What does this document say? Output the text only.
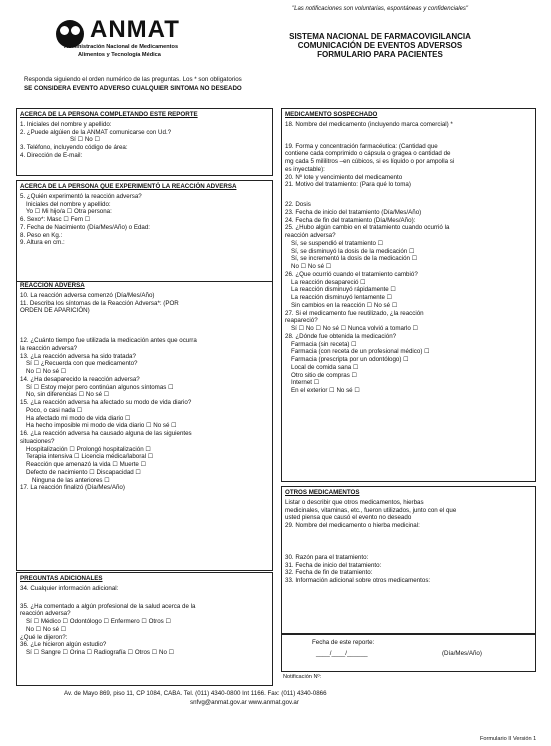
"Las notificaciones son voluntarias, espontáneas y confidenciales"
ANMAT
Administración Nacional de Medicamentos
Alimentos y Tecnología Médica
SISTEMA NACIONAL DE FARMACOVIGILANCIA
COMUNICACIÓN DE EVENTOS ADVERSOS
FORMULARIO PARA PACIENTES
Responda siguiendo el orden numérico de las preguntas. Los * son obligatorios
SE CONSIDERA EVENTO ADVERSO CUALQUIER SINTOMA NO DESEADO
ACERCA DE LA PERSONA COMPLETANDO ESTE REPORTE
1. Iniciales del nombre y apellido:
2. ¿Puede algúien de la ANMAT comunicarse con Ud.?
Sí ☐ No ☐
3. Teléfono, incluyendo código de área:
4. Dirección de E-mail:
ACERCA DE LA PERSONA QUE EXPERIMENTÓ LA REACCIÓN ADVERSA
5. ¿Quién experimentó la reacción adversa?
Iniciales del nombre y apellido:
Yo ☐ Mi hijo/a ☐ Otra persona:
6. Sexo*: Masc ☐ Fem ☐
7. Fecha de Nacimiento (Día/Mes/Año) o Edad:
8. Peso en Kg.:
9. Altura en cm.:
REACCIÓN ADVERSA
10. La reacción adversa comenzó (Día/Mes/Año)
11. Describa los síntomas de la Reacción Adversa*: (POR
ORDEN DE APARICIÓN)
12. ¿Cuánto tiempo fue utilizada la medicación antes que ocurra
la reacción adversa?
13. ¿La reacción adversa ha sido tratada?
Sí ☐ ¿Recuerda con que medicamento?
No ☐ No sé ☐
14. ¿Ha desaparecido la reacción adversa?
Sí ☐ Estoy mejor pero continúan algunos síntomas ☐
No, sin diferencias ☐ No sé ☐
15. ¿La reacción adversa ha afectado su modo de vida diario?
Poco, o casi nada ☐
Ha afectado mi modo de vida diario ☐
Ha hecho imposible mi modo de vida diario ☐ No sé ☐
16. ¿La reacción adversa ha causado alguna de las siguientes
situaciones?
Hospitalización ☐ Prolongó hospitalización ☐
Terapia intensiva ☐ Licencia médica/laboral ☐
Reacción que amenazó la vida ☐ Muerte ☐
Defecto de nacimiento ☐ Discapacidad ☐
Ninguna de las anteriores ☐
17. La reacción finalizó (Día/Mes/Año)
PREGUNTAS ADICIONALES
34. Cualquier información adicional:
35. ¿Ha comentado a algún profesional de la salud acerca de la
reacción adversa?
Sí ☐ Médico ☐ Odontólogo ☐ Enfermero ☐ Otros ☐
No ☐ No sé ☐
¿Qué le dijeron?:
36. ¿Le hicieron algún estudio?
Sí ☐ Sangre ☐ Orina ☐ Radiografía ☐ Otros ☐ No ☐
MEDICAMENTO SOSPECHADO
18. Nombre del medicamento (incluyendo marca comercial) *
19. Forma y concentración farmacéutica: (Cantidad que
contiene cada comprimido o cápsula o gragea o cantidad de
mg cada 5 mililitros –en cúbicos, si es líquido o por ampolla si
es inyectable):
20. Nº lote y vencimiento del medicamento
21. Motivo del tratamiento: (Para qué lo toma)
22. Dosis
23. Fecha de inicio del tratamiento (Día/Mes/Año)
24. Fecha de fin del tratamiento (Día/Mes/Año):
25. ¿Hubo algún cambio en el tratamiento cuando ocurrió la
reacción adversa?
Sí, se suspendió el tratamiento ☐
Sí, se disminuyó la dosis de la medicación ☐
Sí, se incrementó la dosis de la medicación ☐
No ☐ No sé ☐
26. ¿Que ocurrió cuando el tratamiento cambió?
La reacción desapareció ☐
La reacción disminuyó rápidamente ☐
La reacción disminuyó lentamente ☐
Sin cambios en la reacción ☐ No sé ☐
27. Si el medicamento fue reutilizado, ¿la reacción
reapareció?
Sí ☐ No ☐ No sé ☐ Nunca volvió a tomarlo ☐
28. ¿Dónde fue obtenida la medicación?
Farmacia (sin receta) ☐
Farmacia (con receta de un profesional médico) ☐
Farmacia (prescripta por un odontólogo) ☐
Local de comida sana ☐
Otro sitio de compras ☐
Internet ☐
En el exterior ☐ No sé ☐
OTROS MEDICAMENTOS
Listar o describir que otros medicamentos, hierbas
medicinales, vitaminas, etc., fueron utilizados, junto con el que
usted piensa que causó el evento no deseado
29. Nombre del medicamento o hierba medicinal:
30. Razón para el tratamiento:
31. Fecha de inicio del tratamiento:
32. Fecha de fin de tratamiento:
33. Información adicional sobre otros medicamentos:
Fecha de este reporte:
____/____/______	(Día/Mes/Año)
Notificación Nº:
Av. de Mayo 869, piso 11, CP 1084, CABA. Tel. (011) 4340-0800 Int 1166. Fax: (011) 4340-0866
snfvg@anmat.gov.ar www.anmat.gov.ar
Formulario II Versión 1
